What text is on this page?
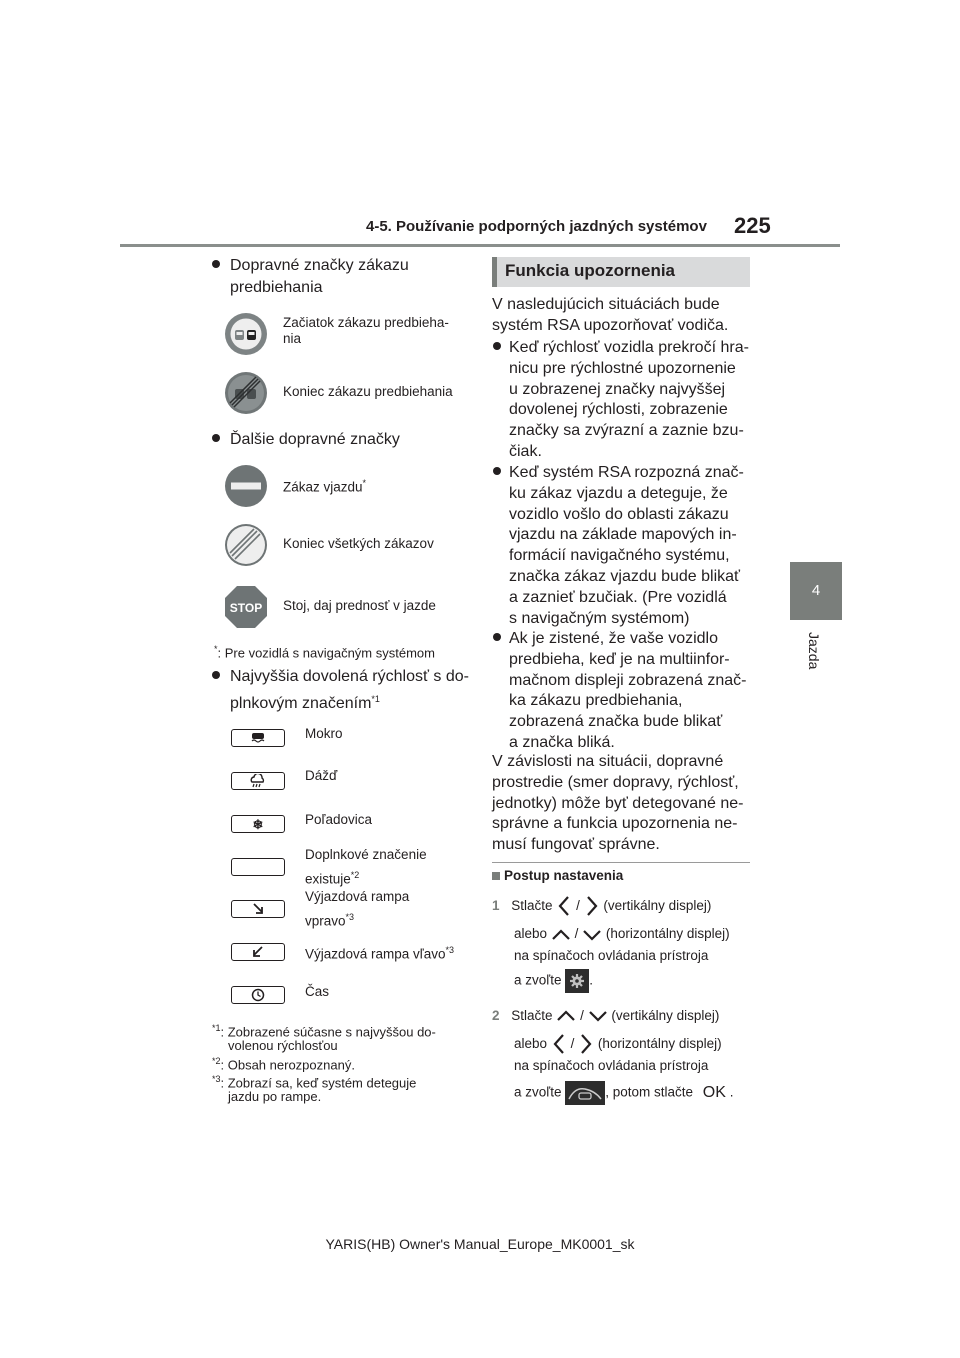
4-5. Používanie podporných jazdných systémov 225
4
Jazda
Dopravné značky zákazu
predbiehania
Začiatok zákazu predbieha-
nia
Koniec zákazu predbiehania
Ďalšie dopravné značky
Zákaz vjazdu*
Koniec všetkých zákazov
STOP Stoj, daj prednosť v jazde
*: Pre vozidlá s navigačným systémom
Najvyššia dovolená rýchlosť s do-
plnkovým značením$^{*1}$
Mokro
Dážď
❄	Poľadovica
Doplnkové značenie
existuje$^{*2}$
Výjazdová rampa
vpravo$^{*3}$
Výjazdová rampa vľavo$^{*3}$
Čas
$^{*1}$: Zobrazené súčasne s najvyššou do-
volenou rýchlosťou
$^{*2}$: Obsah nerozpoznaný.
$^{*3}$: Zobrazí sa, keď systém deteguje
jazdu po rampe.
Funkcia upozornenia
V nasledujúcich situáciách bude
systém RSA upozorňovať vodiča.
Keď rýchlosť vozidla prekročí hra-

nicu pre rýchlostné upozornenie
u zobrazenej značky najvyššej
dovolenej rýchlosti, zobrazenie
značky sa zvýrazní a zaznie bzu-
čiak.
Keď systém RSA rozpozná znač-

ku zákaz vjazdu a deteguje, že
vozidlo vošlo do oblasti zákazu
vjazdu na základe mapových in-
formácií navigačného systému,
značka zákaz vjazdu bude blikať
a zaznieť bzučiak. (Pre vozidlá
s navigačným systémom)
Ak je zistené, že vaše vozidlo

predbieha, keď je na multiinfor-
mačnom displeji zobrazená znač-
ka zákazu predbiehania,
zobrazená značka bude blikať
a značka bliká.
V závislosti na situácii, dopravné
prostredie (smer dopravy, rýchlosť,
jednotky) môže byť detegované ne-
správne a funkcia upozornenia ne-
musí fungovať správne.
Postup nastavenia
1 Stlačte / (vertikálny displej)
alebo / (horizontálny displej)
na spínačoch ovládania prístroja
a zvoľte .
2 Stlačte / (vertikálny displej)
alebo / (horizontálny displej)
na spínačoch ovládania prístroja
a zvoľte	, potom stlačte OK .
YARIS(HB) Owner's Manual_Europe_MK0001_sk
